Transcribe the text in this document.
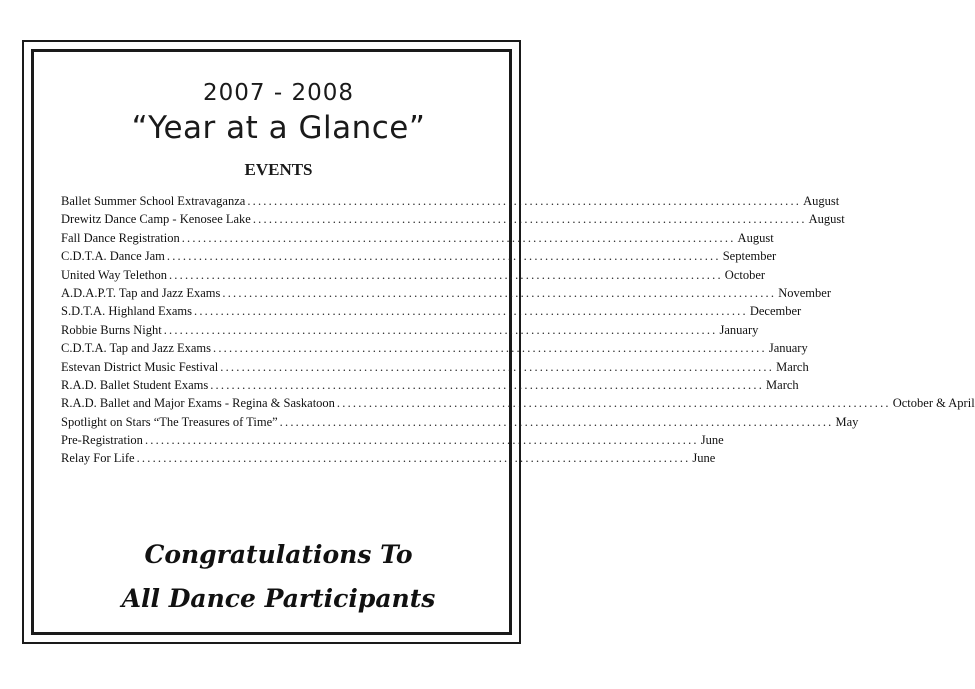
2007 - 2008
“Year at a Glance”
EVENTS
Ballet Summer School Extravaganza ........................................................................................................ August
Drewitz Dance Camp - Kenosee Lake ........................................................................................................ August
Fall Dance Registration ........................................................................................................ August
C.D.T.A. Dance Jam ........................................................................................................ September
United Way Telethon ........................................................................................................ October
A.D.A.P.T. Tap and Jazz Exams ........................................................................................................ November
S.D.T.A. Highland Exams ........................................................................................................ December
Robbie Burns Night ........................................................................................................ January
C.D.T.A. Tap and Jazz Exams ........................................................................................................ January
Estevan District Music Festival ........................................................................................................ March
R.A.D. Ballet Student Exams ........................................................................................................ March
R.A.D. Ballet and Major Exams - Regina & Saskatoon ........................................................................................................ October & April
Spotlight on Stars “The Treasures of Time” ........................................................................................................ May
Pre-Registration ........................................................................................................ June
Relay For Life ........................................................................................................ June
Congratulations To
All Dance Participants
